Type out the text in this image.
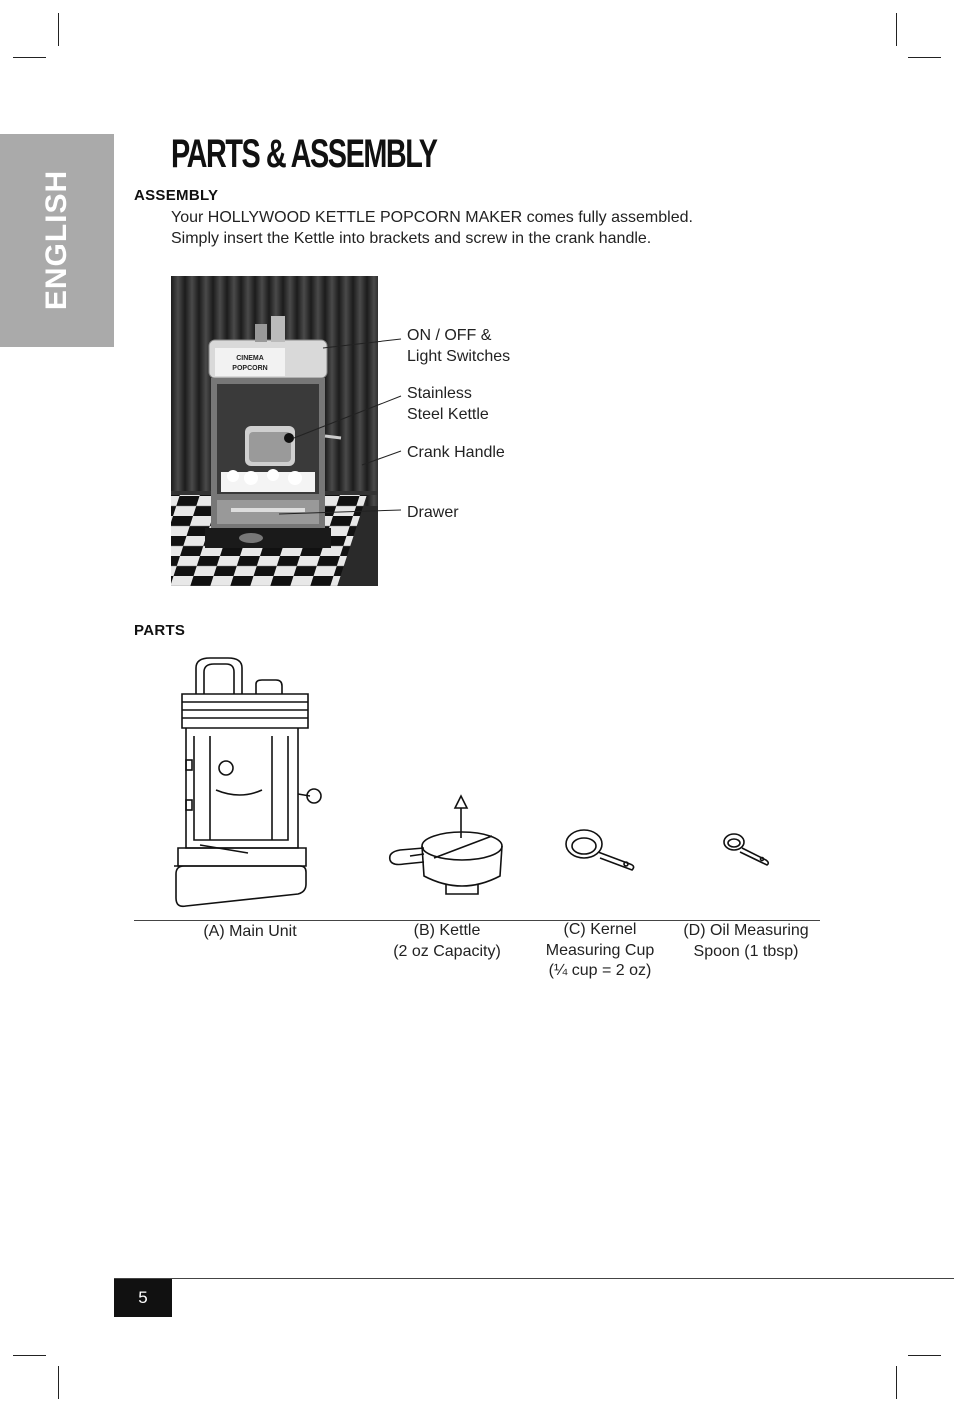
ENGLISH
PARTS & ASSEMBLY
ASSEMBLY
Your HOLLYWOOD KETTLE POPCORN MAKER comes fully assembled.
Simply insert the Kettle into brackets and screw in the crank handle.
CINEMA
POPCORN
ON / OFF &
Light Switches
Stainless
Steel Kettle
Crank Handle
Drawer
PARTS
(A) Main Unit	(B) Kettle
(2 oz Capacity)
(C) Kernel
Measuring Cup
(¼ cup = 2 oz)
(D) Oil Measuring
Spoon (1 tbsp)
5
